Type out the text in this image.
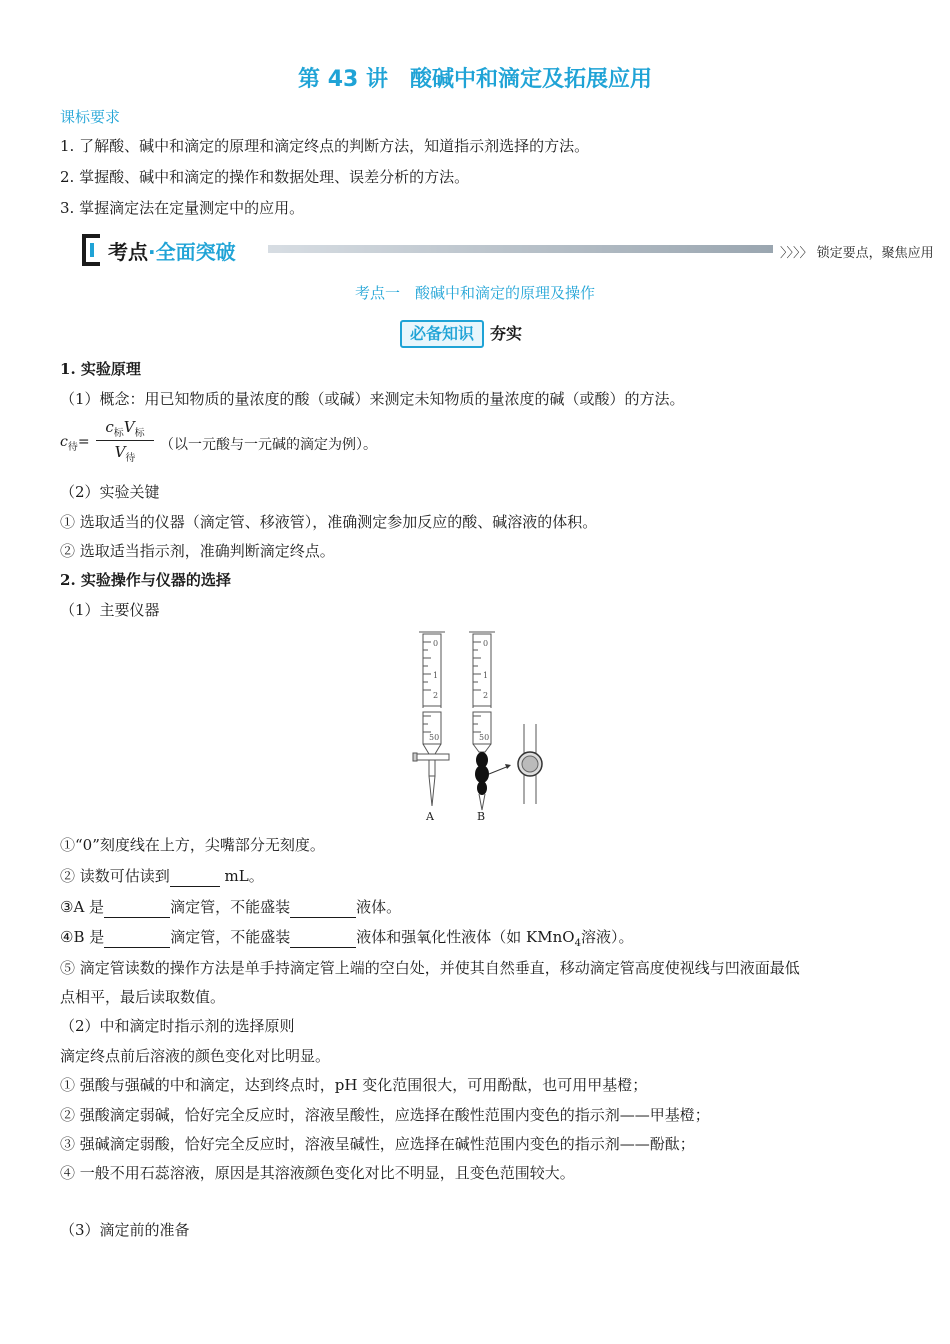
第 43 讲　酸碱中和滴定及拓展应用
课标要求
1. 了解酸、碱中和滴定的原理和滴定终点的判断方法，知道指示剂选择的方法。
2. 掌握酸、碱中和滴定的操作和数据处理、误差分析的方法。
3. 掌握滴定法在定量测定中的应用。
考点·全面突破	〉〉〉〉 锁定要点，聚焦应用
考点一　酸碱中和滴定的原理及操作
必备知识 夯实
1. 实验原理
（1）概念：用已知物质的量浓度的酸（或碱）来测定未知物质的量浓度的碱（或酸）的方法。
$c_待=$
$c_标V_标$
$V_待$
（以一元酸与一元碱的滴定为例）。
（2）实验关键
① 选取适当的仪器（滴定管、移液管），准确测定参加反应的酸、碱溶液的体积。
② 选取适当指示剂，准确判断滴定终点。
2. 实验操作与仪器的选择
（1）主要仪器
0
1
2
50
A
0
1
2
50
B
①“0”刻度线在上方，尖嘴部分无刻度。
② 读数可估读到	mL。
③A 是	滴定管，不能盛装	液体。
④B 是	滴定管，不能盛装	液体和强氧化性液体（如 KMnO$_4$溶液）。
⑤ 滴定管读数的操作方法是单手持滴定管上端的空白处，并使其自然垂直，移动滴定管高度使视线与凹液面最低
点相平，最后读取数值。
（2）中和滴定时指示剂的选择原则
滴定终点前后溶液的颜色变化对比明显。
① 强酸与强碱的中和滴定，达到终点时，pH 变化范围很大，可用酚酞，也可用甲基橙；
② 强酸滴定弱碱，恰好完全反应时，溶液呈酸性，应选择在酸性范围内变色的指示剂——甲基橙；
③ 强碱滴定弱酸，恰好完全反应时，溶液呈碱性，应选择在碱性范围内变色的指示剂——酚酞；
④ 一般不用石蕊溶液，原因是其溶液颜色变化对比不明显，且变色范围较大。
（3）滴定前的准备
